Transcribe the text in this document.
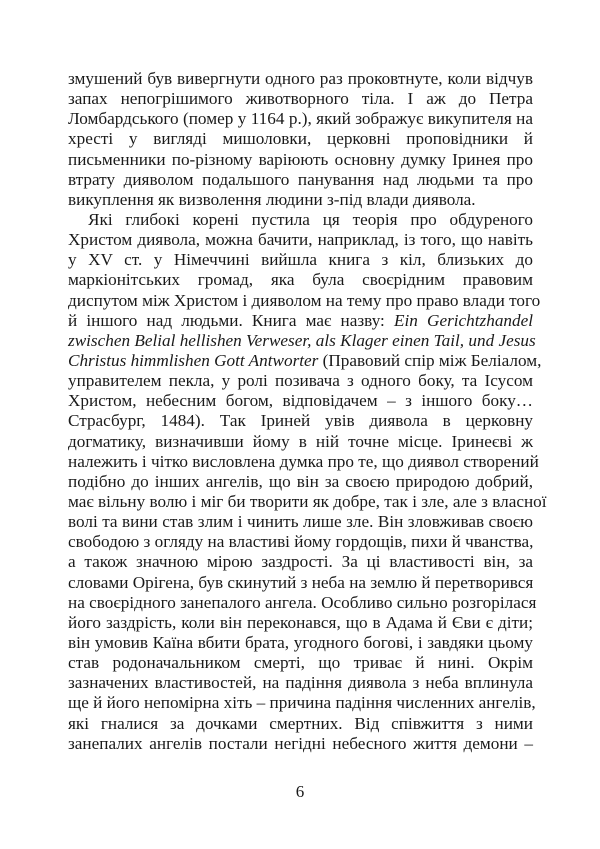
змушений був вивергнути одного раз проковтнуте, коли відчув
запах непогрішимого животворного тіла. І аж до Петра
Ломбардського (помер у 1164 р.), який зображує викупителя на
хресті у вигляді мишоловки, церковні проповідники й
письменники по-різному варіюють основну думку Іринея про
втрату дияволом подальшого панування над людьми та про
викуплення як визволення людини з-під влади диявола.
Які глибокі корені пустила ця теорія про обдуреного
Христом диявола, можна бачити, наприклад, із того, що навіть
у XV ст. у Німеччині вийшла книга з кіл, близьких до
маркіонітських громад, яка була своєрідним правовим
диспутом між Христом і дияволом на тему про право влади того
й іншого над людьми. Книга має назву: Ein Gerichtzhandel
zwischen Belial hellishen Verweser, als Klager einen Tail, und Jesus
Christus himmlishen Gott Antworter (Правовий спір між Беліалом,
управителем пекла, у ролі позивача з одного боку, та Ісусом
Христом, небесним богом, відповідачем – з іншого боку…
Страсбург, 1484). Так Іриней увів диявола в церковну
догматику, визначивши йому в ній точне місце. Іринеєві ж
належить і чітко висловлена думка про те, що диявол створений
подібно до інших ангелів, що він за своєю природою добрий,
має вільну волю і міг би творити як добре, так і зле, але з власної
волі та вини став злим і чинить лише зле. Він зловживав своєю
свободою з огляду на властиві йому гордощів, пихи й чванства,
а також значною мірою заздрості. За ці властивості він, за
словами Орігена, був скинутий з неба на землю й перетворився
на своєрідного занепалого ангела. Особливо сильно розгорілася
його заздрість, коли він переконався, що в Адама й Єви є діти;
він умовив Каїна вбити брата, угодного богові, і завдяки цьому
став родоначальником смерті, що триває й нині. Окрім
зазначених властивостей, на падіння диявола з неба вплинула
ще й його непомірна хіть – причина падіння численних ангелів,
які гналися за дочками смертних. Від співжиття з ними
занепалих ангелів постали негідні небесного життя демони –
6
